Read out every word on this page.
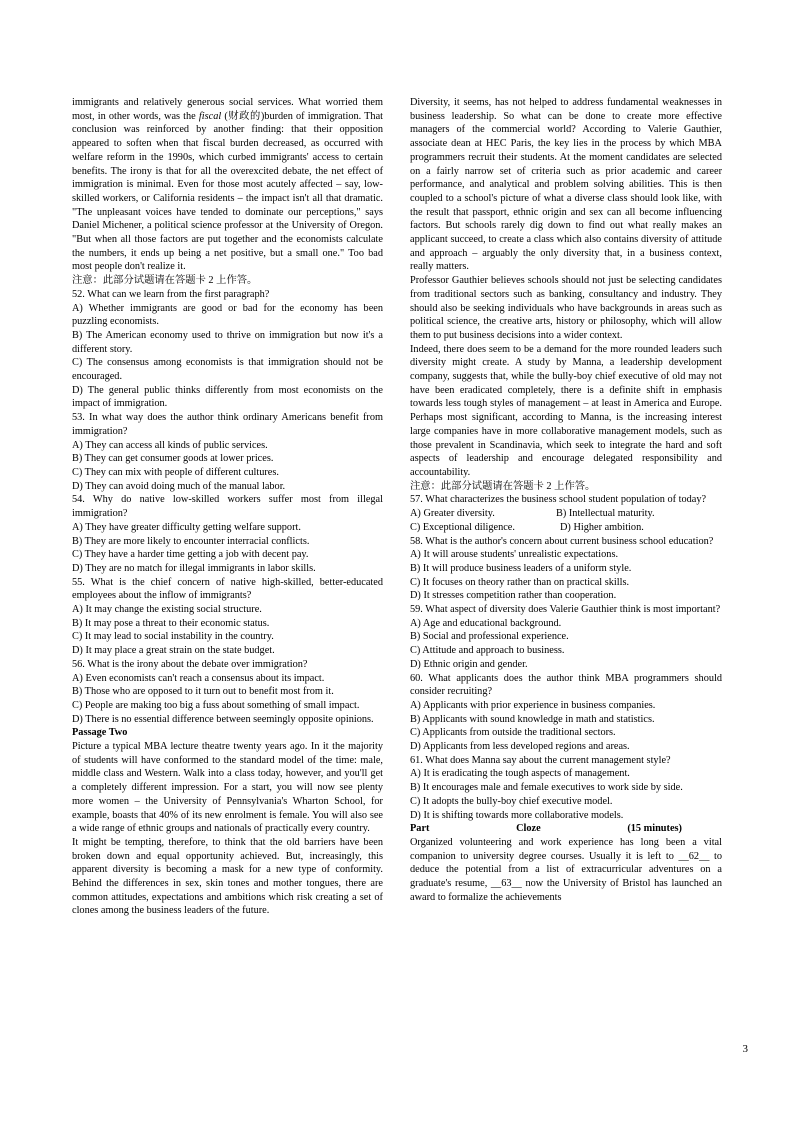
immigrants and relatively generous social services. What worried them most, in other words, was the fiscal (财政的)burden of immigration. That conclusion was reinforced by another finding: that their opposition appeared to soften when that fiscal burden decreased, as occurred with welfare reform in the 1990s, which curbed immigrants' access to certain benefits. The irony is that for all the overexcited debate, the net effect of immigration is minimal. Even for those most acutely affected – say, low-skilled workers, or California residents – the impact isn't all that dramatic. "The unpleasant voices have tended to dominate our perceptions," says Daniel Michener, a political science professor at the University of Oregon. "But when all those factors are put together and the economists calculate the numbers, it ends up being a net positive, but a small one." Too bad most people don't realize it.

注意：此部分试题请在答题卡 2 上作答。

52. What can we learn from the first paragraph?

A) Whether immigrants are good or bad for the economy has been puzzling economists.

B) The American economy used to thrive on immigration but now it's a different story.

C) The consensus among economists is that immigration should not be encouraged.

D) The general public thinks differently from most economists on the impact of immigration.

53. In what way does the author think ordinary Americans benefit from immigration?

A) They can access all kinds of public services.

B) They can get consumer goods at lower prices.

C) They can mix with people of different cultures.

D) They can avoid doing much of the manual labor.

54. Why do native low-skilled workers suffer most from illegal immigration?

A) They have greater difficulty getting welfare support.

B) They are more likely to encounter interracial conflicts.

C) They have a harder time getting a job with decent pay.

D) They are no match for illegal immigrants in labor skills.

55. What is the chief concern of native high-skilled, better-educated employees about the inflow of immigrants?

A) It may change the existing social structure.

B) It may pose a threat to their economic status.

C) It may lead to social instability in the country.

D) It may place a great strain on the state budget.

56. What is the irony about the debate over immigration?

A) Even economists can't reach a consensus about its impact.

B) Those who are opposed to it turn out to benefit most from it.

C) People are making too big a fuss about something of small impact.

D) There is no essential difference between seemingly opposite opinions.

Passage Two

Picture a typical MBA lecture theatre twenty years ago. In it the majority of students will have conformed to the standard model of the time: male, middle class and Western. Walk into a class today, however, and you'll get a completely different impression. For a start, you will now see plenty more women – the University of Pennsylvania's Wharton School, for example, boasts that 40% of its new enrolment is female. You will also see a wide range of ethnic groups and nationals of practically every country.

It might be tempting, therefore, to think that the old barriers have been broken down and equal opportunity achieved. But, increasingly, this apparent diversity is becoming a mask for a new type of conformity. Behind the differences in sex, skin tones and mother tongues, there are common attitudes, expectations and ambitions which risk creating a set of clones among the business leaders of the future.

Diversity, it seems, has not helped to address fundamental weaknesses in business leadership. So what can be done to create more effective managers of the commercial world? According to Valerie Gauthier, associate dean at HEC Paris, the key lies in the process by which MBA programmers recruit their students. At the moment candidates are selected on a fairly narrow set of criteria such as prior academic and career performance, and analytical and problem solving abilities. This is then coupled to a school's picture of what a diverse class should look like, with the result that passport, ethnic origin and sex can all become influencing factors. But schools rarely dig down to find out what really makes an applicant succeed, to create a class which also contains diversity of attitude and approach – arguably the only diversity that, in a business context, really matters.

Professor Gauthier believes schools should not just be selecting candidates from traditional sectors such as banking, consultancy and industry. They should also be seeking individuals who have backgrounds in areas such as political science, the creative arts, history or philosophy, which will allow them to put business decisions into a wider context.

Indeed, there does seem to be a demand for the more rounded leaders such diversity might create. A study by Manna, a leadership development company, suggests that, while the bully-boy chief executive of old may not have been eradicated completely, there is a definite shift in emphasis towards less tough styles of management – at least in America and Europe. Perhaps most significant, according to Manna, is the increasing interest large companies have in more collaborative management models, such as those prevalent in Scandinavia, which seek to integrate the hard and soft aspects of leadership and encourage delegated responsibility and accountability.

注意：此部分试题请在答题卡 2 上作答。

57. What characterizes the business school student population of today?

A) Greater diversity.	B) Intellectual maturity.
C) Exceptional diligence.	D) Higher ambition.

58. What is the author's concern about current business school education?

A) It will arouse students' unrealistic expectations.

B) It will produce business leaders of a uniform style.

C) It focuses on theory rather than on practical skills.

D) It stresses competition rather than cooperation.

59. What aspect of diversity does Valerie Gauthier think is most important?

A) Age and educational background.

B) Social and professional experience.

C) Attitude and approach to business.

D) Ethnic origin and gender.

60. What applicants does the author think MBA programmers should consider recruiting?

A) Applicants with prior experience in business companies.

B) Applicants with sound knowledge in math and statistics.

C) Applicants from outside the traditional sectors.

D) Applicants from less developed regions and areas.

61. What does Manna say about the current management style?

A) It is eradicating the tough aspects of management.

B) It encourages male and female executives to work side by side.

C) It adopts the bully-boy chief executive model.

D) It is shifting towards more collaborative models.

Part	Cloze	(15 minutes)

Organized volunteering and work experience has long been a vital companion to university degree courses. Usually it is left to __62__ to deduce the potential from a list of extracurricular adventures on a graduate's resume, __63__ now the University of Bristol has launched an award to formalize the achievements

3
